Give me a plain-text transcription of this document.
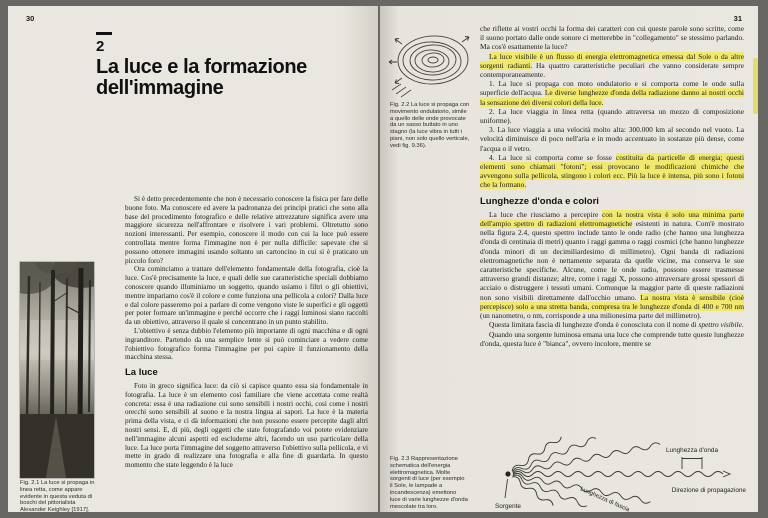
30
2
La luce e la formazione
dell'immagine
Fig. 2.1 La luce si propaga in linea retta, come appare evidente in questa veduta di boschi del pittorialista Alexander Keighley [1917].

Si è detto precedentemente che non è necessario conoscere la fisica per fare delle buone foto. Ma conoscere ed avere la padronanza dei principi pratici che sono alla base del procedimento fotografico e delle relative attrezzature significa avere una maggiore sicurezza nell'affrontare e risolvere i vari problemi. Oltretutto sono nozioni interessanti. Per esempio, conoscere il modo con cui la luce può essere controllata mentre forma l'immagine non è per nulla difficile: sapevate che si possono ottenere immagini usando soltanto un cartoncino in cui si è praticato un piccolo foro?

Ora cominciamo a trattare dell'elemento fondamentale della fotografia, cioè la luce. Cos'è precisamente la luce, e quali delle sue caratteristiche speciali dobbiamo conoscere quando illuminiamo un soggetto, quando usiamo i filtri o gli obiettivi, mentre impariamo cos'è il colore e come funziona una pellicola a colori? Dalla luce e dal colore passeremo poi a parlare di come vengono viste le superfici e gli oggetti per poter formare un'immagine e perché occorre che i raggi luminosi siano raccolti da un obiettivo, attraverso il quale si concentrano in un punto stabilito.

L'obiettivo è senza dubbio l'elemento più importante di ogni macchina e di ogni ingranditore. Partendo da una semplice lente si può cominciare a vedere come l'obiettivo fotografico forma l'immagine per poi capire il funzionamento della macchina stessa.

La luce

Foto in greco significa luce: da ciò si capisce quanto essa sia fondamentale in fotografia. La luce è un elemento così familiare che viene accettata come realtà concreta: essa è una radiazione cui sono sensibili i nostri occhi, così come i nostri orecchi sono sensibili al suono e la nostra lingua ai sapori. La luce è la materia prima della vista, e ci dà informazioni che non possono essere percepite dagli altri nostri sensi. E, di più, degli oggetti che state fotografando voi potete evidenziare nell'immagine alcuni aspetti ed escluderne altri, facendo un uso particolare della luce. La luce porta l'immagine del soggetto attraverso l'obiettivo sulla pellicola, e vi mette in grado di realizzare una fotografia e alla fine di guardarla. In questo momento che state leggendo è la luce

31
Fig. 2.2 La luce si propaga con movimento ondulatorio, simile a quello delle onde provocate da un sasso buttato in uno stagno (la luce vibra in tutti i piani, non solo quello verticale, vedi fig. 9.36).

che riflette ai vostri occhi la forma dei caratteri con cui queste parole sono scritte, come il suono portato dalle onde sonore ci metterebbe in "collegamento" se stessimo parlando. Ma cos'è esattamente la luce?

La luce visibile è un flusso di energia elettromagnetica emessa dal Sole o da altre sorgenti radianti. Ha quattro caratteristiche peculiari che vanno considerate sempre contemporaneamente.

1. La luce si propaga con moto ondulatorio e si comporta come le onde sulla superficie dell'acqua. Le diverse lunghezze d'onda della radiazione danno ai nostri occhi la sensazione dei diversi colori della luce.

2. La luce viaggia in linea retta (quando attraversa un mezzo di composizione uniforme).

3. La luce viaggia a una velocità molto alta: 300.000 km al secondo nel vuoto. La velocità diminuisce di poco nell'aria e in modo accentuato in sostanze più dense, come l'acqua o il vetro.

4. La luce si comporta come se fosse costituita da particelle di energia; questi elementi sono chiamati "fotoni"; essi provocano le modificazioni chimiche che avvengono sulla pellicola, stingono i colori ecc. Più la luce è intensa, più sono i fotoni che la formano.

Lunghezze d'onda e colori

La luce che riusciamo a percepire con la nostra vista è solo una minima parte dell'ampio spettro di radiazioni elettromagnetiche esistenti in natura. Com'è mostrato nella figura 2.4, questo spettro include tanto le onde radio (che hanno una lunghezza d'onda di centinaia di metri) quanto i raggi gamma o raggi cosmici (che hanno lunghezze d'onda minori di un decimiliardesimo di millimetro). Ogni banda di radiazioni elettromagnetiche non è nettamente separata da quelle vicine, ma conserva le sue caratteristiche specifiche. Alcune, come le onde radio, possono essere trasmesse attraverso grandi distanze; altre, come i raggi X, possono attraversare grossi spessori di acciaio o distruggere i tessuti umani. Comunque la maggior parte di queste radiazioni non sono visibili direttamente dall'occhio umano. La nostra vista è sensibile (cioè percepisce) solo a una stretta banda, compresa tra le lunghezze d'onda di 400 e 700 nm (un nanometro, o nm, corrisponde a una milionesima parte del millimetro).

Questa limitata fascia di lunghezze d'onda è conosciuta con il nome di spettro visibile.

Quando una sorgente luminosa emana una luce che comprende tutte queste lunghezze d'onda, questa luce è "bianca", ovvero incolore, mentre se

Fig. 2.3 Rappresentazione schematica dell'energia elettromagnetica. Molte sorgenti di luce (per esempio il Sole, le lampade a incandescenza) emettono luce di varie lunghezze d'onda mescolate tra loro.
Lunghezza d'onda
Direzione di propagazione
Sorgente	Lunghezza di fascia
